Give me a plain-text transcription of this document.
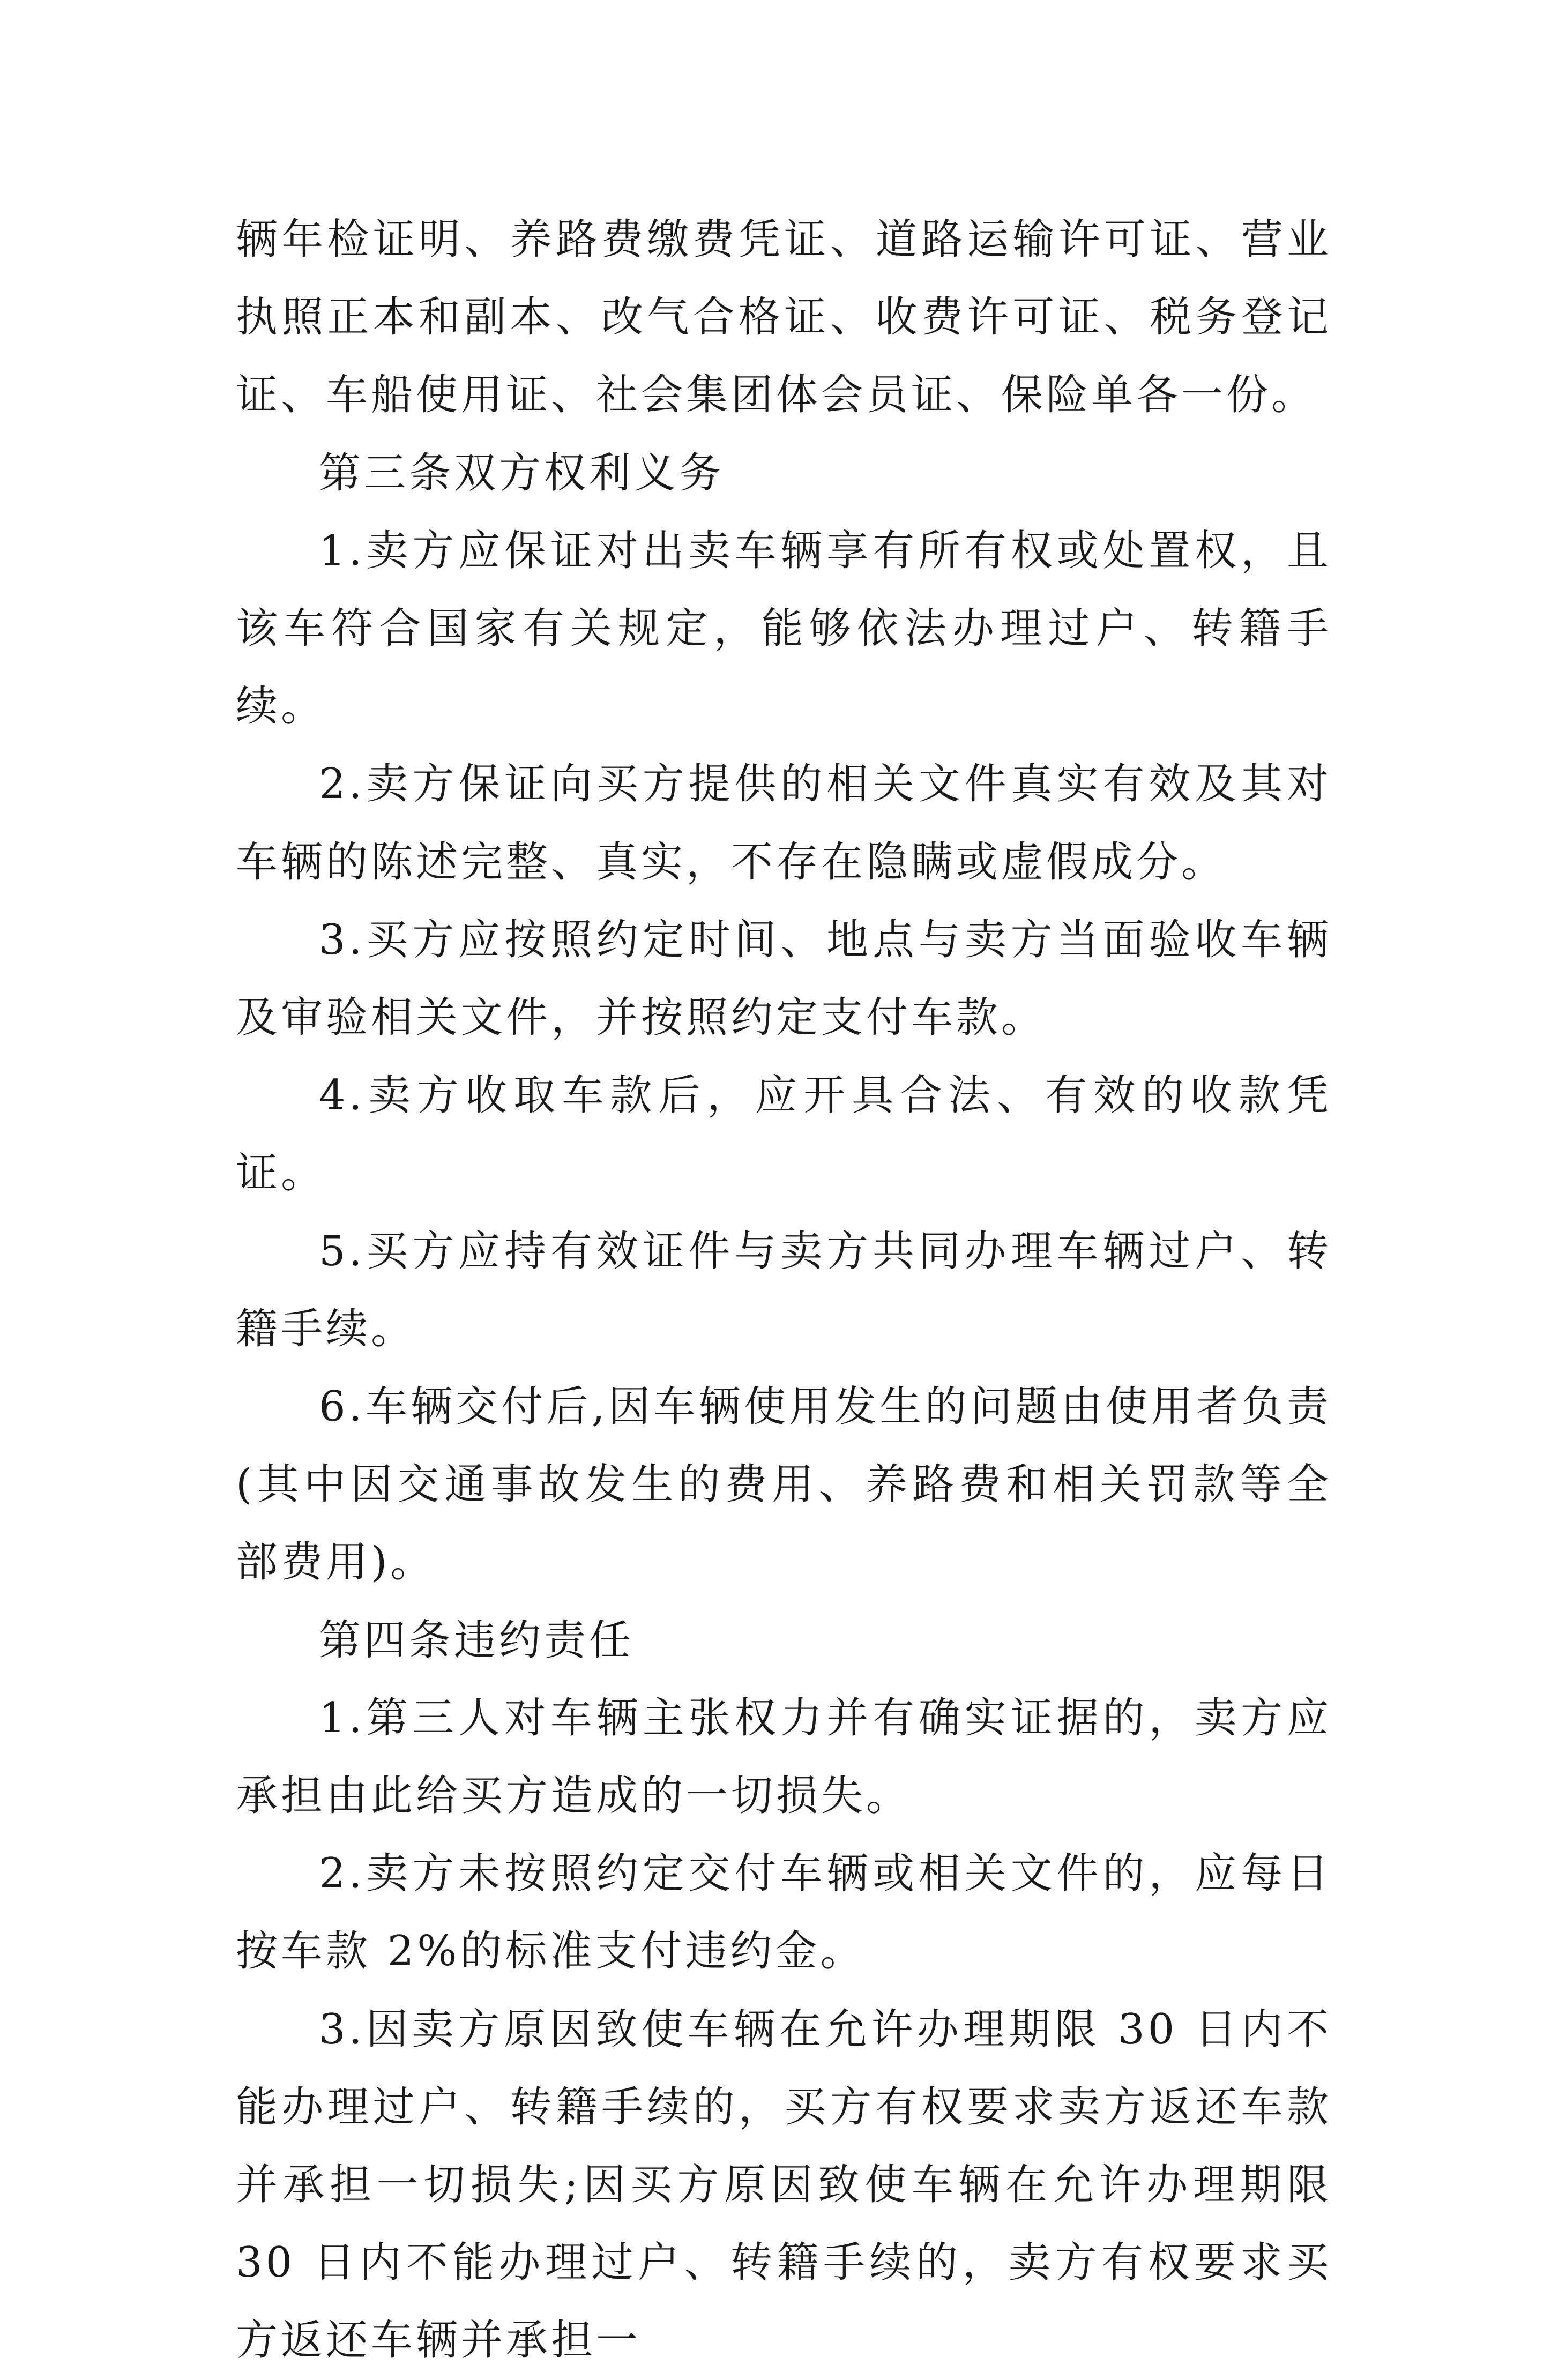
辆年检证明、养路费缴费凭证、道路运输许可证、营业执照正本和副本、改气合格证、收费许可证、税务登记证、车船使用证、社会集团体会员证、保险单各一份。

第三条双方权利义务

1.卖方应保证对出卖车辆享有所有权或处置权，且该车符合国家有关规定，能够依法办理过户、转籍手续。

2.卖方保证向买方提供的相关文件真实有效及其对车辆的陈述完整、真实，不存在隐瞒或虚假成分。

3.买方应按照约定时间、地点与卖方当面验收车辆及审验相关文件，并按照约定支付车款。

4.卖方收取车款后，应开具合法、有效的收款凭证。

5.买方应持有效证件与卖方共同办理车辆过户、转籍手续。

6.车辆交付后,因车辆使用发生的问题由使用者负责(其中因交通事故发生的费用、养路费和相关罚款等全部费用)。

第四条违约责任

1.第三人对车辆主张权力并有确实证据的，卖方应承担由此给买方造成的一切损失。

2.卖方未按照约定交付车辆或相关文件的，应每日按车款 2%的标准支付违约金。

3.因卖方原因致使车辆在允许办理期限 30 日内不能办理过户、转籍手续的，买方有权要求卖方返还车款并承担一切损失;因买方原因致使车辆在允许办理期限 30 日内不能办理过户、转籍手续的，卖方有权要求买方返还车辆并承担一
